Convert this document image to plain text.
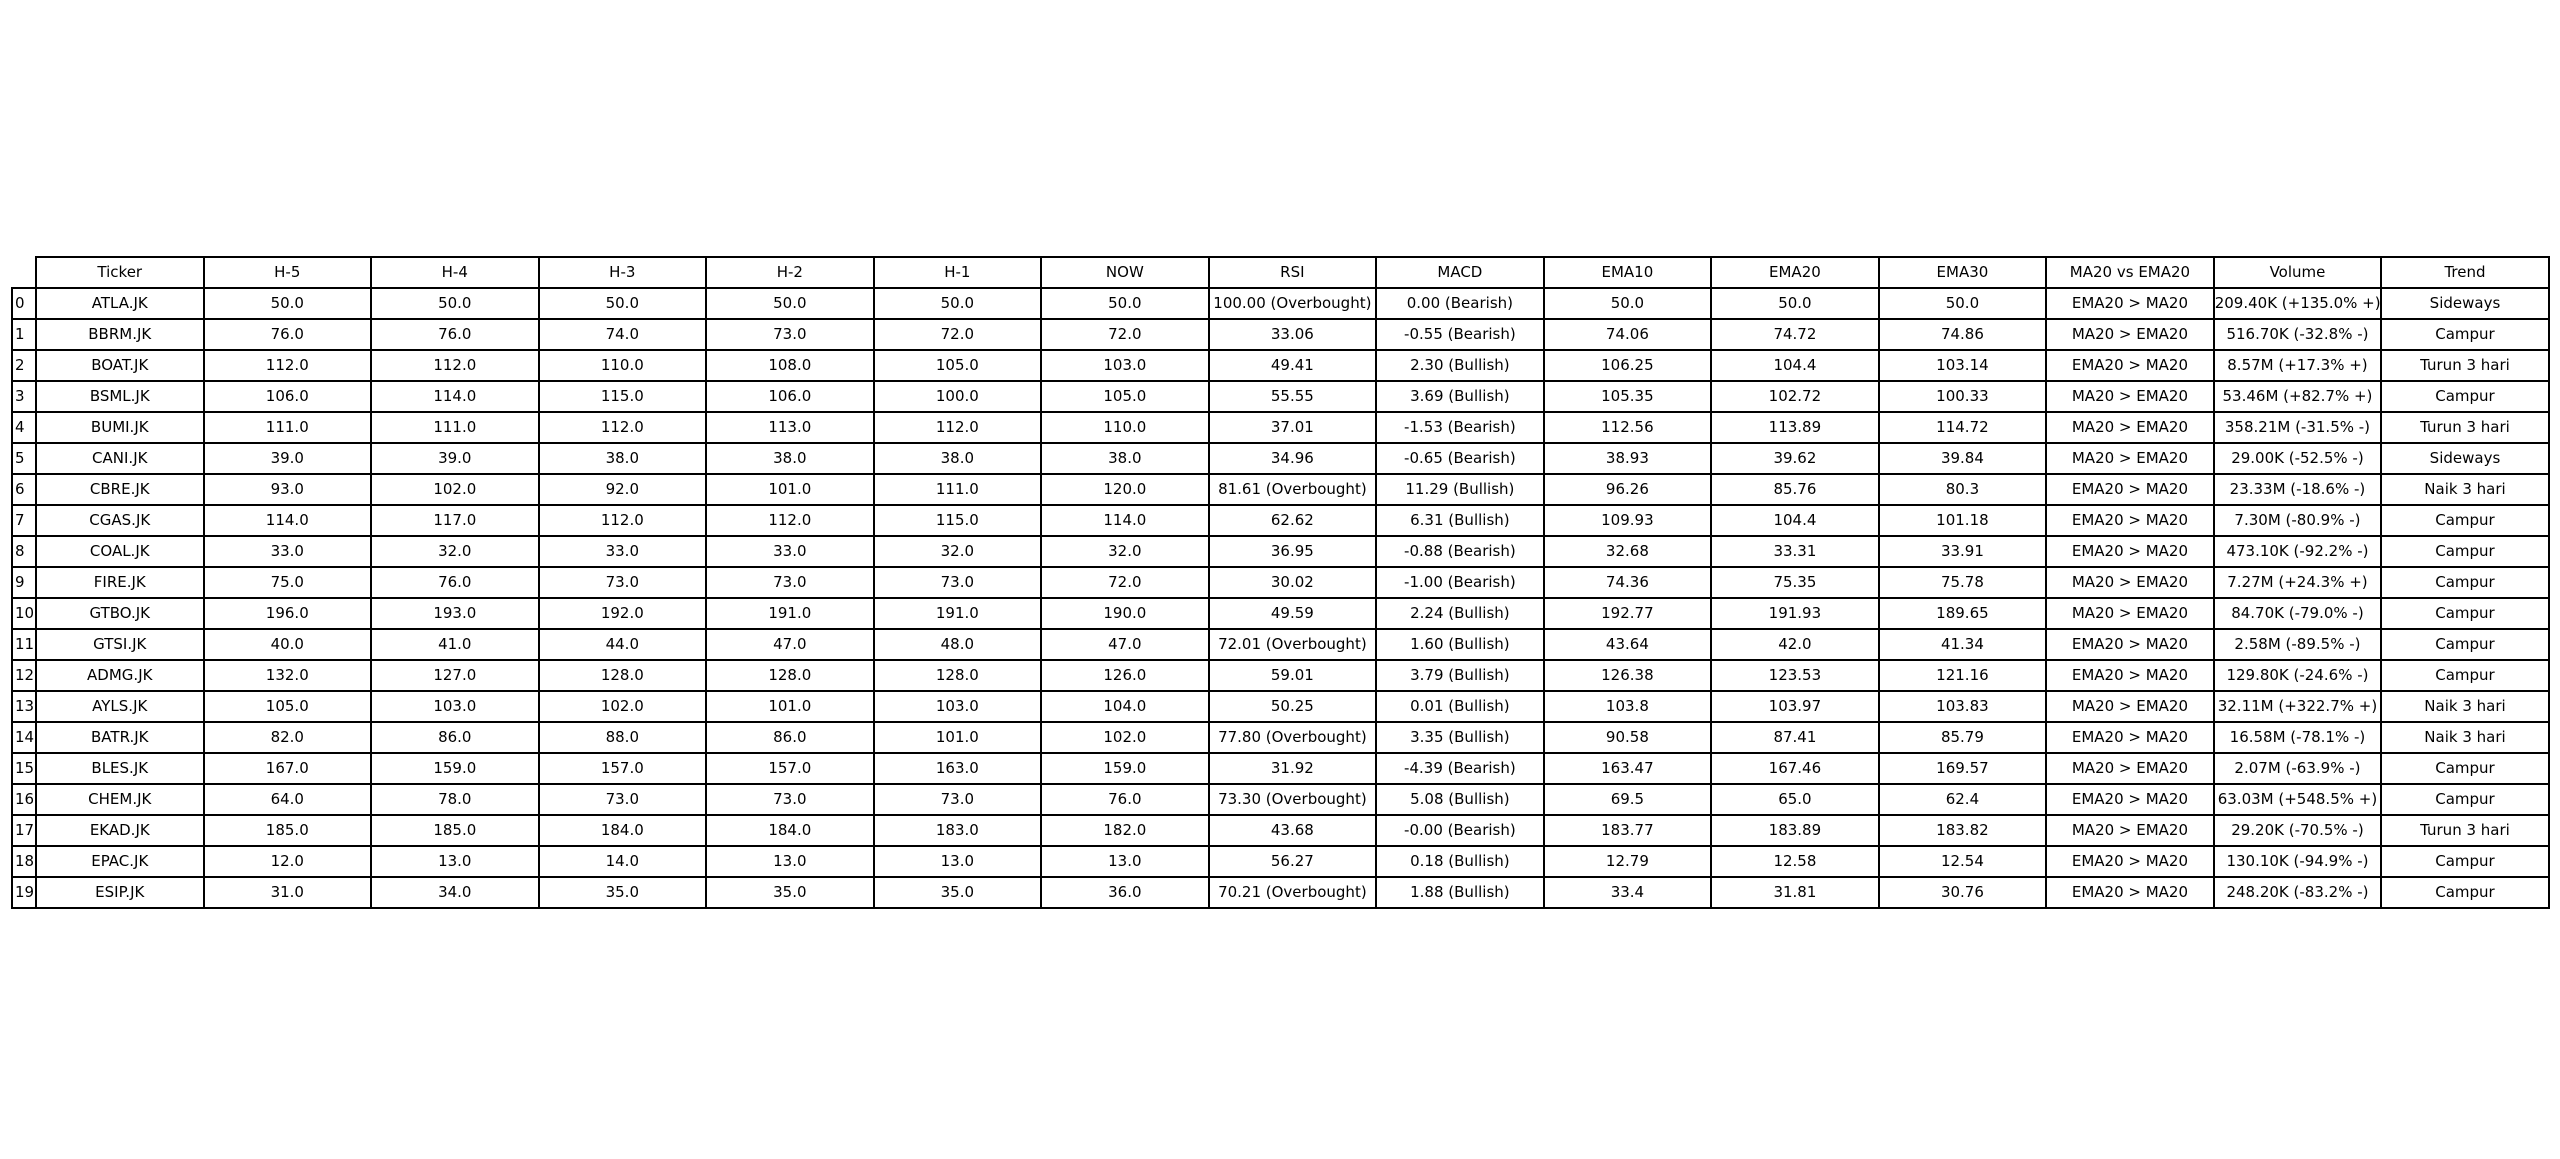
	Ticker	H-5	H-4	H-3	H-2	H-1	NOW	RSI	MACD	EMA10	EMA20	EMA30	MA20 vs EMA20	Volume	Trend
0	ATLA.JK	50.0	50.0	50.0	50.0	50.0	50.0	100.00 (Overbought)	0.00 (Bearish)	50.0	50.0	50.0	EMA20 > MA20	209.40K (+135.0% +)	Sideways
1	BBRM.JK	76.0	76.0	74.0	73.0	72.0	72.0	33.06	-0.55 (Bearish)	74.06	74.72	74.86	MA20 > EMA20	516.70K (-32.8% -)	Campur
2	BOAT.JK	112.0	112.0	110.0	108.0	105.0	103.0	49.41	2.30 (Bullish)	106.25	104.4	103.14	EMA20 > MA20	8.57M (+17.3% +)	Turun 3 hari
3	BSML.JK	106.0	114.0	115.0	106.0	100.0	105.0	55.55	3.69 (Bullish)	105.35	102.72	100.33	MA20 > EMA20	53.46M (+82.7% +)	Campur
4	BUMI.JK	111.0	111.0	112.0	113.0	112.0	110.0	37.01	-1.53 (Bearish)	112.56	113.89	114.72	MA20 > EMA20	358.21M (-31.5% -)	Turun 3 hari
5	CANI.JK	39.0	39.0	38.0	38.0	38.0	38.0	34.96	-0.65 (Bearish)	38.93	39.62	39.84	MA20 > EMA20	29.00K (-52.5% -)	Sideways
6	CBRE.JK	93.0	102.0	92.0	101.0	111.0	120.0	81.61 (Overbought)	11.29 (Bullish)	96.26	85.76	80.3	EMA20 > MA20	23.33M (-18.6% -)	Naik 3 hari
7	CGAS.JK	114.0	117.0	112.0	112.0	115.0	114.0	62.62	6.31 (Bullish)	109.93	104.4	101.18	EMA20 > MA20	7.30M (-80.9% -)	Campur
8	COAL.JK	33.0	32.0	33.0	33.0	32.0	32.0	36.95	-0.88 (Bearish)	32.68	33.31	33.91	EMA20 > MA20	473.10K (-92.2% -)	Campur
9	FIRE.JK	75.0	76.0	73.0	73.0	73.0	72.0	30.02	-1.00 (Bearish)	74.36	75.35	75.78	MA20 > EMA20	7.27M (+24.3% +)	Campur
10	GTBO.JK	196.0	193.0	192.0	191.0	191.0	190.0	49.59	2.24 (Bullish)	192.77	191.93	189.65	MA20 > EMA20	84.70K (-79.0% -)	Campur
11	GTSI.JK	40.0	41.0	44.0	47.0	48.0	47.0	72.01 (Overbought)	1.60 (Bullish)	43.64	42.0	41.34	EMA20 > MA20	2.58M (-89.5% -)	Campur
12	ADMG.JK	132.0	127.0	128.0	128.0	128.0	126.0	59.01	3.79 (Bullish)	126.38	123.53	121.16	EMA20 > MA20	129.80K (-24.6% -)	Campur
13	AYLS.JK	105.0	103.0	102.0	101.0	103.0	104.0	50.25	0.01 (Bullish)	103.8	103.97	103.83	MA20 > EMA20	32.11M (+322.7% +)	Naik 3 hari
14	BATR.JK	82.0	86.0	88.0	86.0	101.0	102.0	77.80 (Overbought)	3.35 (Bullish)	90.58	87.41	85.79	EMA20 > MA20	16.58M (-78.1% -)	Naik 3 hari
15	BLES.JK	167.0	159.0	157.0	157.0	163.0	159.0	31.92	-4.39 (Bearish)	163.47	167.46	169.57	MA20 > EMA20	2.07M (-63.9% -)	Campur
16	CHEM.JK	64.0	78.0	73.0	73.0	73.0	76.0	73.30 (Overbought)	5.08 (Bullish)	69.5	65.0	62.4	EMA20 > MA20	63.03M (+548.5% +)	Campur
17	EKAD.JK	185.0	185.0	184.0	184.0	183.0	182.0	43.68	-0.00 (Bearish)	183.77	183.89	183.82	MA20 > EMA20	29.20K (-70.5% -)	Turun 3 hari
18	EPAC.JK	12.0	13.0	14.0	13.0	13.0	13.0	56.27	0.18 (Bullish)	12.79	12.58	12.54	EMA20 > MA20	130.10K (-94.9% -)	Campur
19	ESIP.JK	31.0	34.0	35.0	35.0	35.0	36.0	70.21 (Overbought)	1.88 (Bullish)	33.4	31.81	30.76	EMA20 > MA20	248.20K (-83.2% -)	Campur
